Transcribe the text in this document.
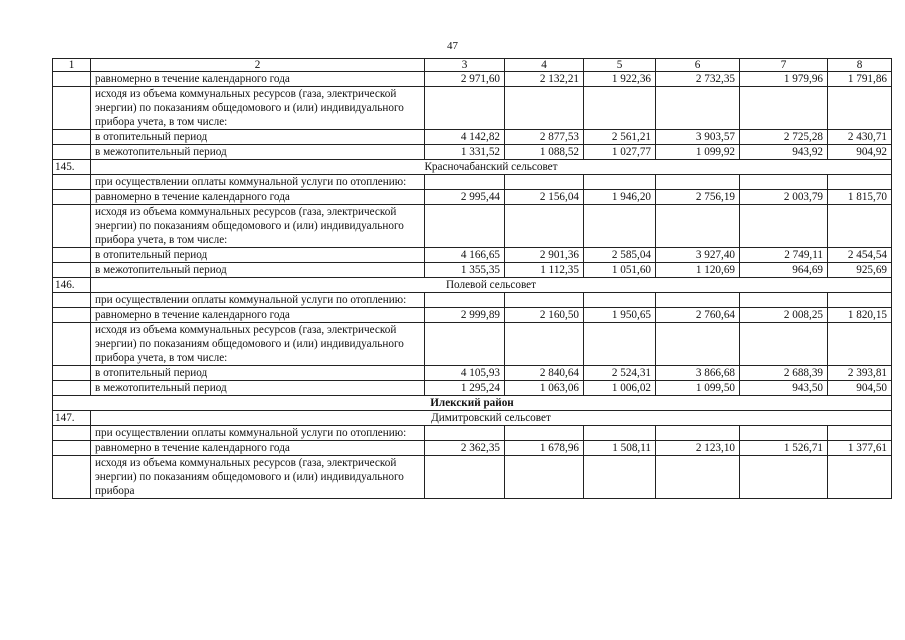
47
1	2	3	4	5	6	7	8
	равномерно в течение календарного года	2 971,60	2 132,21	1 922,36	2 732,35	1 979,96	1 791,86
	исходя из объема коммунальных ресурсов (газа, электрической энергии) по показаниям общедомового и (или) индивидуального прибора учета, в том числе:						
	в отопительный период	4 142,82	2 877,53	2 561,21	3 903,57	2 725,28	2 430,71
	в межотопительный период	1 331,52	1 088,52	1 027,77	1 099,92	943,92	904,92
145.	Красночабанский сельсовет						
	при осуществлении оплаты коммунальной услуги по отоплению:						
	равномерно в течение календарного года	2 995,44	2 156,04	1 946,20	2 756,19	2 003,79	1 815,70
	исходя из объема коммунальных ресурсов (газа, электрической энергии) по показаниям общедомового и (или) индивидуального прибора учета, в том числе:						
	в отопительный период	4 166,65	2 901,36	2 585,04	3 927,40	2 749,11	2 454,54
	в межотопительный период	1 355,35	1 112,35	1 051,60	1 120,69	964,69	925,69
146.	Полевой сельсовет						
	при осуществлении оплаты коммунальной услуги по отоплению:						
	равномерно в течение календарного года	2 999,89	2 160,50	1 950,65	2 760,64	2 008,25	1 820,15
	исходя из объема коммунальных ресурсов (газа, электрической энергии) по показаниям общедомового и (или) индивидуального прибора учета, в том числе:						
	в отопительный период	4 105,93	2 840,64	2 524,31	3 866,68	2 688,39	2 393,81
	в межотопительный период	1 295,24	1 063,06	1 006,02	1 099,50	943,50	904,50
Илекский район							
147.	Димитровский сельсовет						
	при осуществлении оплаты коммунальной услуги по отоплению:						
	равномерно в течение календарного года	2 362,35	1 678,96	1 508,11	2 123,10	1 526,71	1 377,61
	исходя из объема коммунальных ресурсов (газа, электрической энергии) по показаниям общедомового и (или) индивидуального прибора						
